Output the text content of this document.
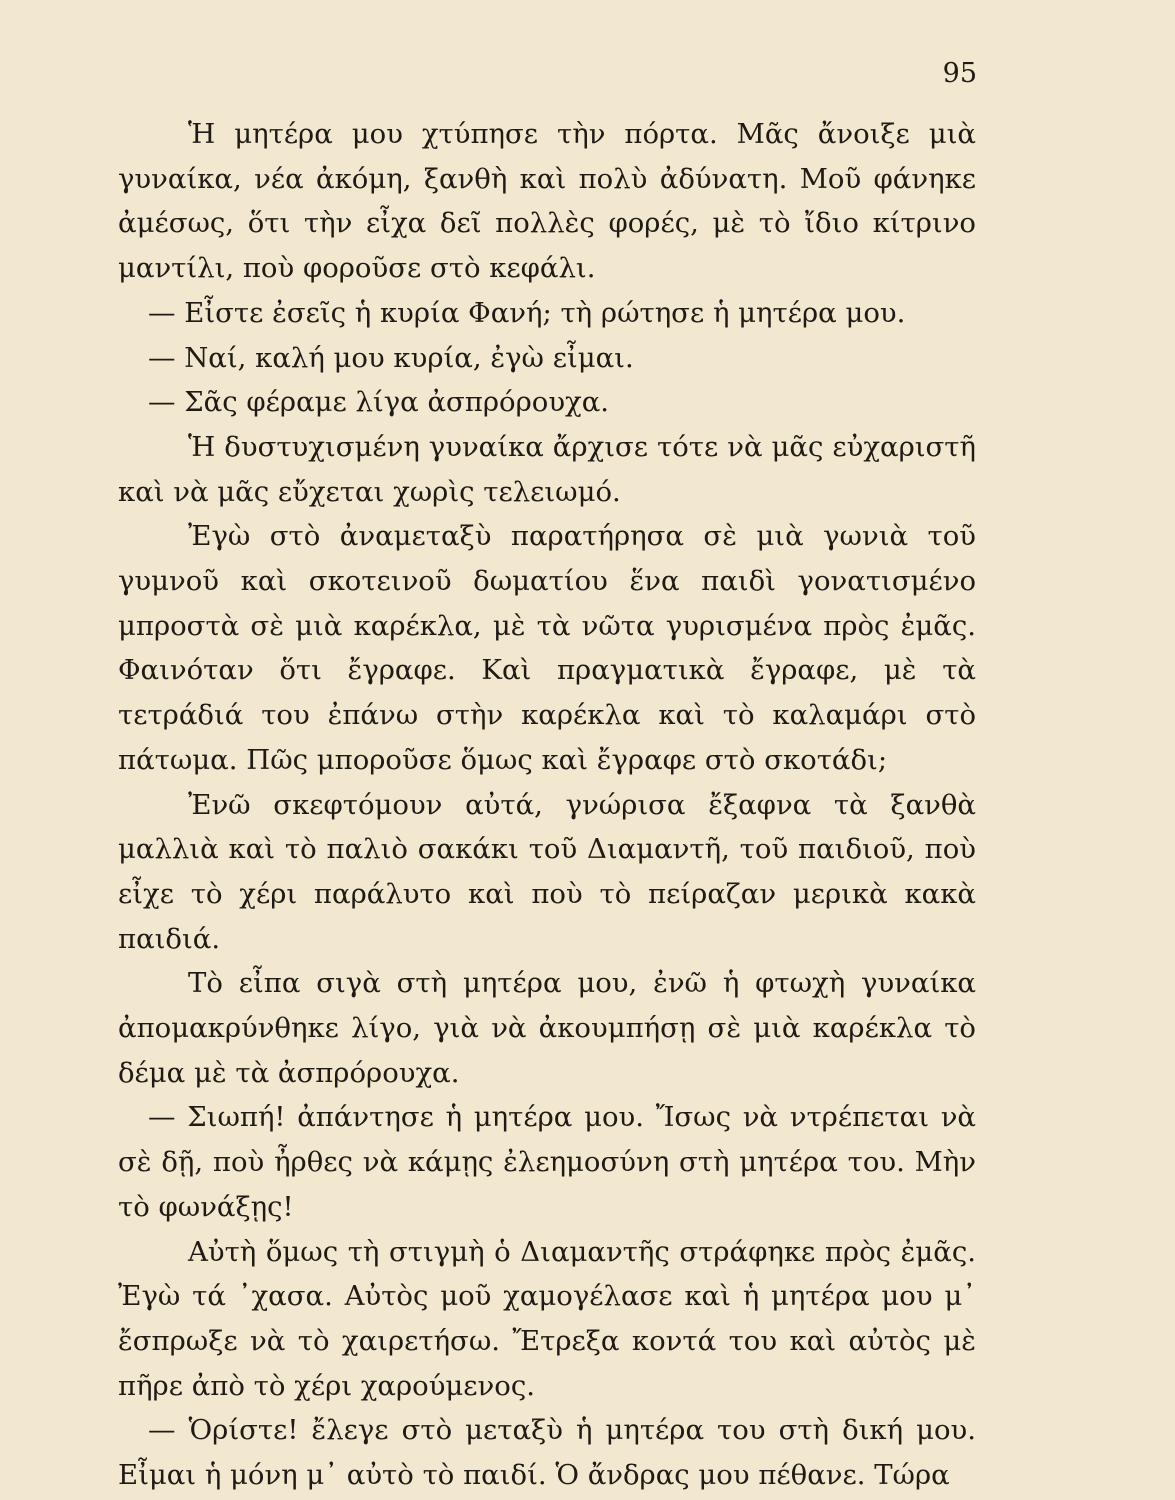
95

Ἡ μητέρα μου χτύπησε τὴν πόρτα. Μᾶς ἄνοιξε μιὰ γυναίκα, νέα ἀκόμη, ξανθὴ καὶ πολὺ ἀδύνατη. Μοῦ φάνηκε ἀμέσως, ὅτι τὴν εἶχα δεῖ πολλὲς φορές, μὲ τὸ ἴδιο κίτρινο μαντίλι, ποὺ φοροῦσε στὸ κεφάλι.

— Εἶστε ἐσεῖς ἡ κυρία Φανή; τὴ ρώτησε ἡ μητέρα μου.

— Ναί, καλή μου κυρία, ἐγὼ εἶμαι.

— Σᾶς φέραμε λίγα ἀσπρόρουχα.

Ἡ δυστυχισμένη γυναίκα ἄρχισε τότε νὰ μᾶς εὐχαριστῆ καὶ νὰ μᾶς εὔχεται χωρὶς τελειωμό.

Ἐγὼ στὸ ἀναμεταξὺ παρατήρησα σὲ μιὰ γωνιὰ τοῦ γυμνοῦ καὶ σκοτεινοῦ δωματίου ἕνα παιδὶ γονατισμένο μπροστὰ σὲ μιὰ καρέκλα, μὲ τὰ νῶτα γυρισμένα πρὸς ἐμᾶς. Φαινόταν ὅτι ἔγραφε. Καὶ πραγματικὰ ἔγραφε, μὲ τὰ τετράδιά του ἐπάνω στὴν καρέκλα καὶ τὸ καλαμάρι στὸ πάτωμα. Πῶς μποροῦσε ὅμως καὶ ἔγραφε στὸ σκοτάδι;

Ἐνῶ σκεφτόμουν αὐτά, γνώρισα ἔξαφνα τὰ ξανθὰ μαλλιὰ καὶ τὸ παλιὸ σακάκι τοῦ Διαμαντῆ, τοῦ παιδιοῦ, ποὺ εἶχε τὸ χέρι παράλυτο καὶ ποὺ τὸ πείραζαν μερικὰ κακὰ παιδιά.

Τὸ εἶπα σιγὰ στὴ μητέρα μου, ἐνῶ ἡ φτωχὴ γυναίκα ἀπομακρύνθηκε λίγο, γιὰ νὰ ἀκουμπήσῃ σὲ μιὰ καρέκλα τὸ δέμα μὲ τὰ ἀσπρόρουχα.

— Σιωπή! ἀπάντησε ἡ μητέρα μου. Ἴσως νὰ ντρέπεται νὰ σὲ δῇ, ποὺ ἦρθες νὰ κάμῃς ἐλεημοσύνη στὴ μητέρα του. Μὴν τὸ φωνάξῃς!

Αὐτὴ ὅμως τὴ στιγμὴ ὁ Διαμαντῆς στράφηκε πρὸς ἐμᾶς. Ἐγὼ τά ᾿χασα. Αὐτὸς μοῦ χαμογέλασε καὶ ἡ μητέρα μου μ᾿ ἔσπρωξε νὰ τὸ χαιρετήσω. Ἔτρεξα κοντά του καὶ αὐτὸς μὲ πῆρε ἀπὸ τὸ χέρι χαρούμενος.

— Ὁρίστε! ἔλεγε στὸ μεταξὺ ἡ μητέρα του στὴ δική μου. Εἶμαι ἡ μόνη μ᾿ αὐτὸ τὸ παιδί. Ὁ ἄνδρας μου πέθανε. Τώρα
